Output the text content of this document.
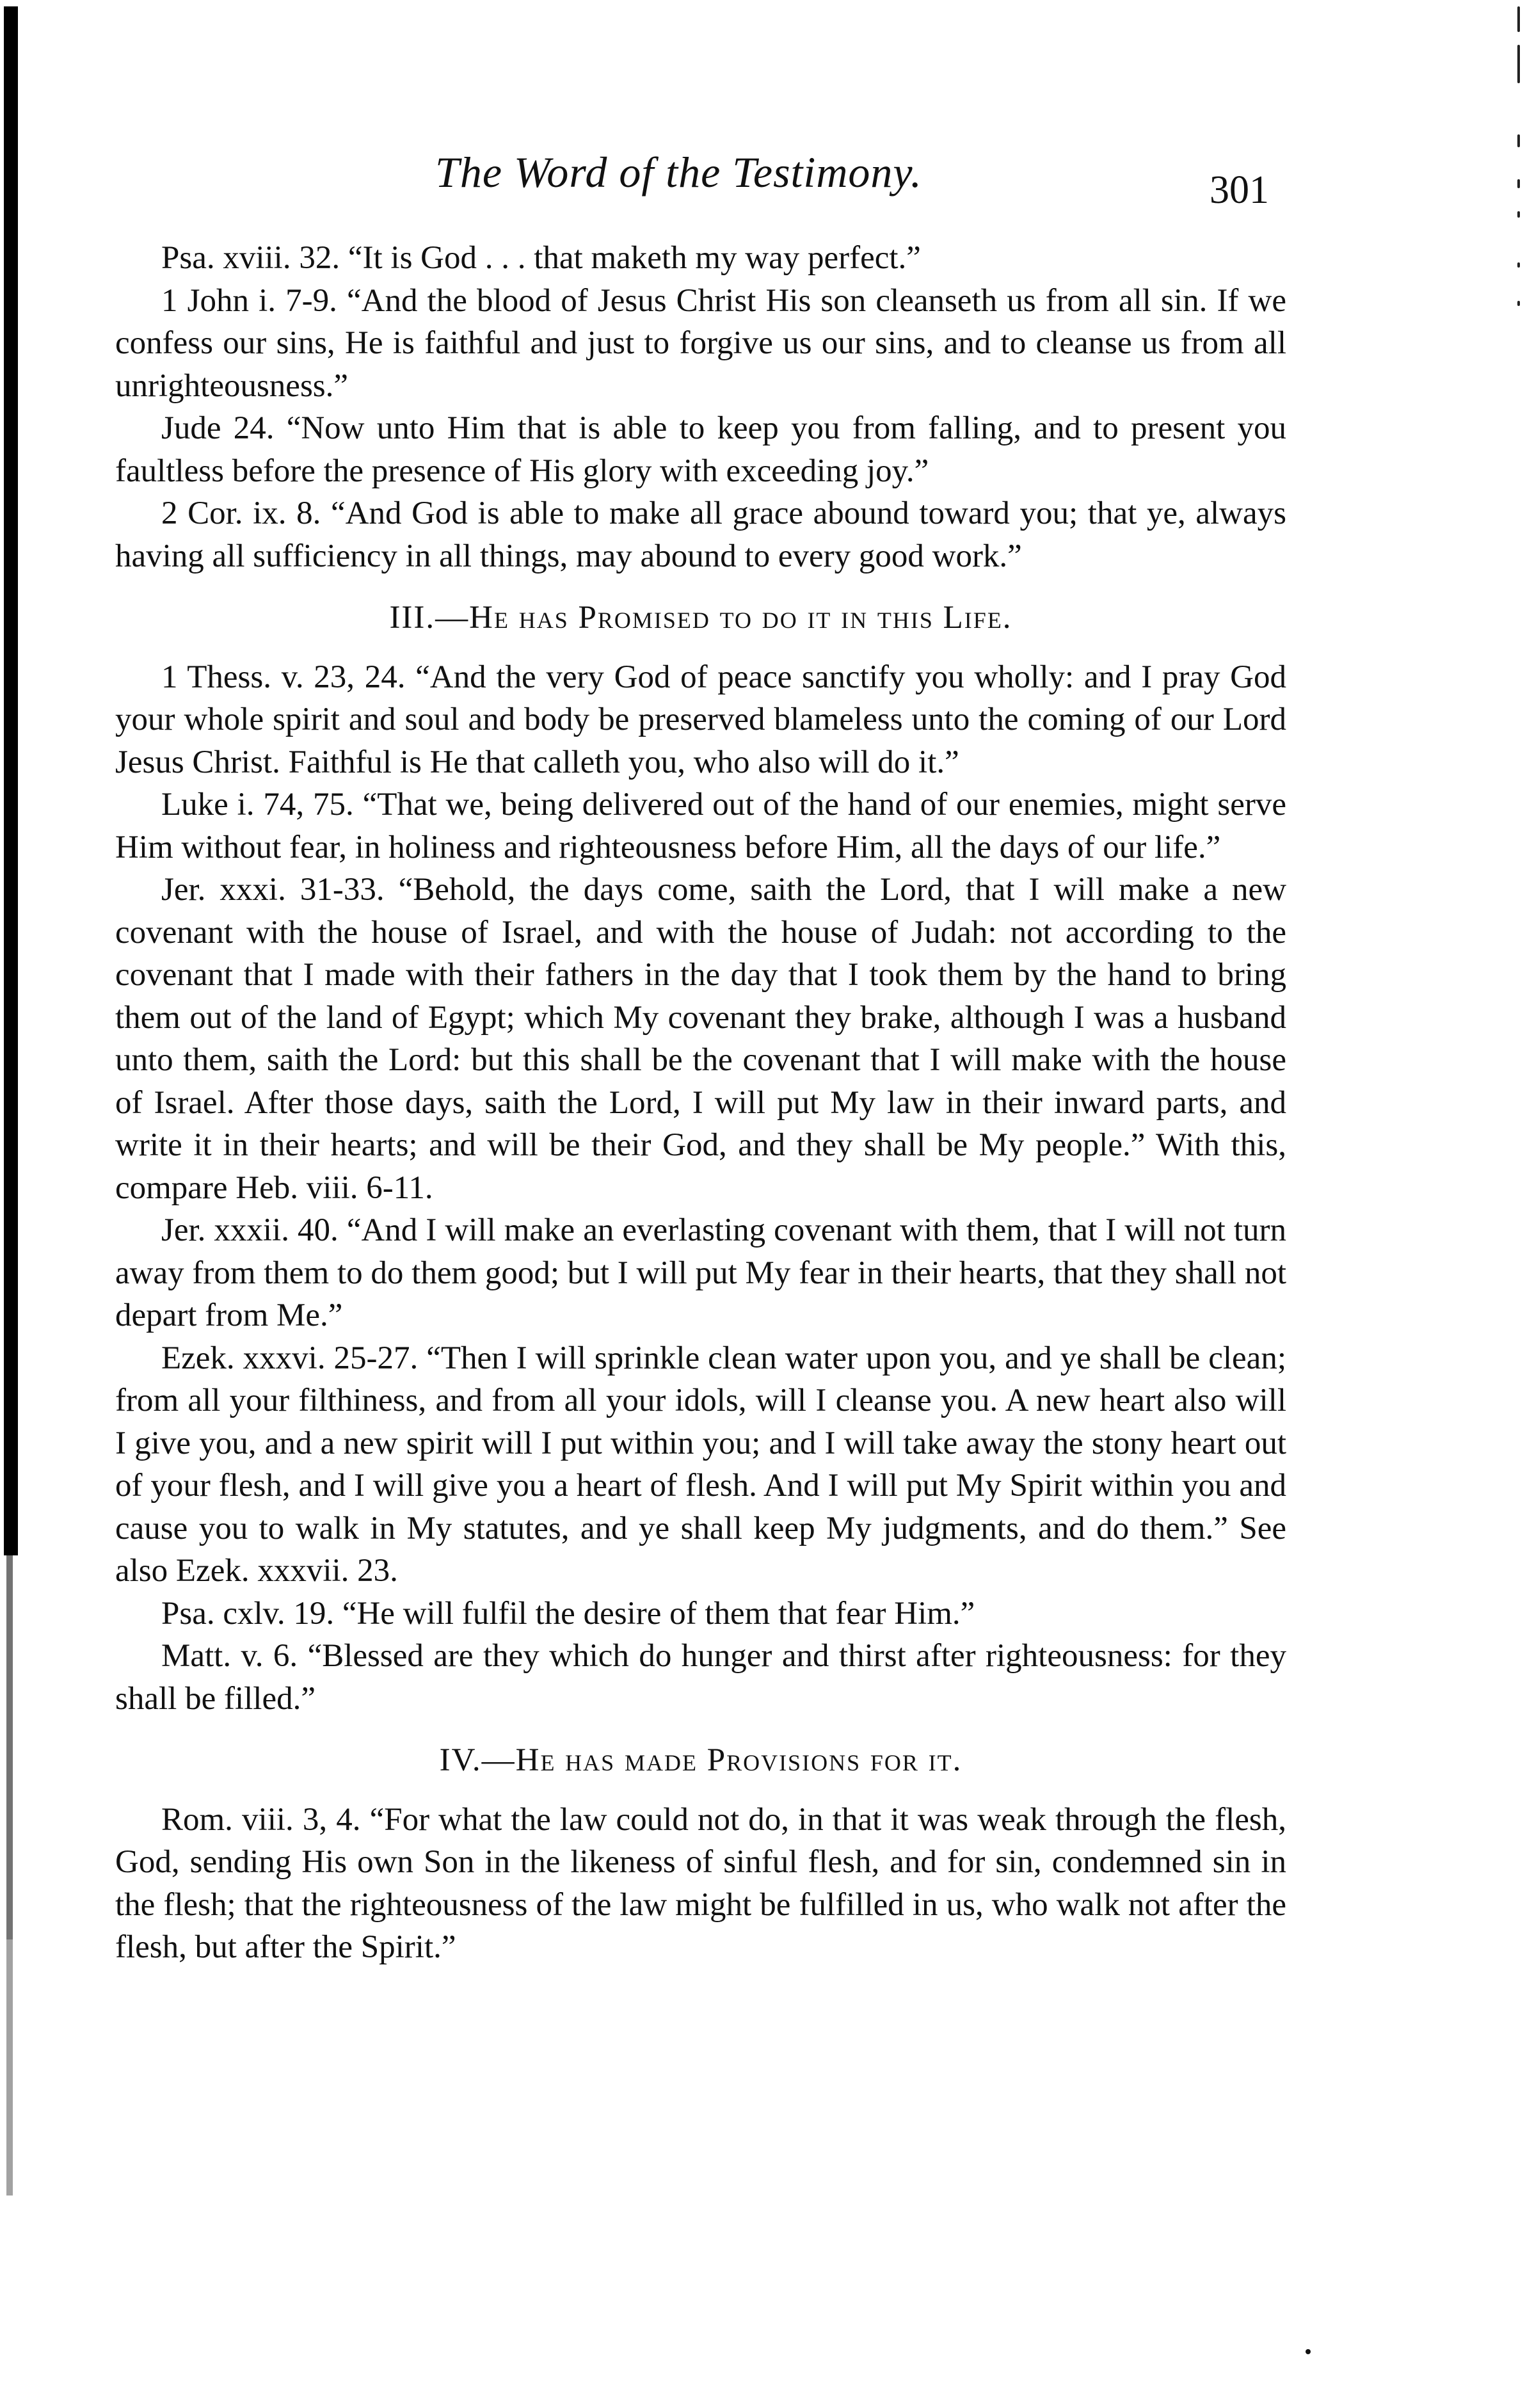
The Word of the Testimony.	301

Psa. xviii. 32. “It is God . . . that maketh my way perfect.”

1 John i. 7-9. “And the blood of Jesus Christ His son cleanseth us from all sin. If we confess our sins, He is faithful and just to forgive us our sins, and to cleanse us from all unrighteousness.”

Jude 24. “Now unto Him that is able to keep you from falling, and to present you faultless before the presence of His glory with exceeding joy.”

2 Cor. ix. 8. “And God is able to make all grace abound toward you; that ye, always having all sufficiency in all things, may abound to every good work.”

III.—He has Promised to do it in this Life.

1 Thess. v. 23, 24. “And the very God of peace sanctify you wholly: and I pray God your whole spirit and soul and body be preserved blameless unto the coming of our Lord Jesus Christ. Faithful is He that calleth you, who also will do it.”

Luke i. 74, 75. “That we, being delivered out of the hand of our enemies, might serve Him without fear, in holiness and righteousness before Him, all the days of our life.”

Jer. xxxi. 31-33. “Behold, the days come, saith the Lord, that I will make a new covenant with the house of Israel, and with the house of Judah: not according to the covenant that I made with their fathers in the day that I took them by the hand to bring them out of the land of Egypt; which My covenant they brake, although I was a husband unto them, saith the Lord: but this shall be the covenant that I will make with the house of Israel. After those days, saith the Lord, I will put My law in their inward parts, and write it in their hearts; and will be their God, and they shall be My people.” With this, compare Heb. viii. 6-11.

Jer. xxxii. 40. “And I will make an everlasting covenant with them, that I will not turn away from them to do them good; but I will put My fear in their hearts, that they shall not depart from Me.”

Ezek. xxxvi. 25-27. “Then I will sprinkle clean water upon you, and ye shall be clean; from all your filthiness, and from all your idols, will I cleanse you. A new heart also will I give you, and a new spirit will I put within you; and I will take away the stony heart out of your flesh, and I will give you a heart of flesh. And I will put My Spirit within you and cause you to walk in My statutes, and ye shall keep My judgments, and do them.” See also Ezek. xxxvii. 23.

Psa. cxlv. 19. “He will fulfil the desire of them that fear Him.”

Matt. v. 6. “Blessed are they which do hunger and thirst after righteousness: for they shall be filled.”

IV.—He has made Provisions for it.

Rom. viii. 3, 4. “For what the law could not do, in that it was weak through the flesh, God, sending His own Son in the likeness of sinful flesh, and for sin, condemned sin in the flesh; that the righteousness of the law might be fulfilled in us, who walk not after the flesh, but after the Spirit.”
